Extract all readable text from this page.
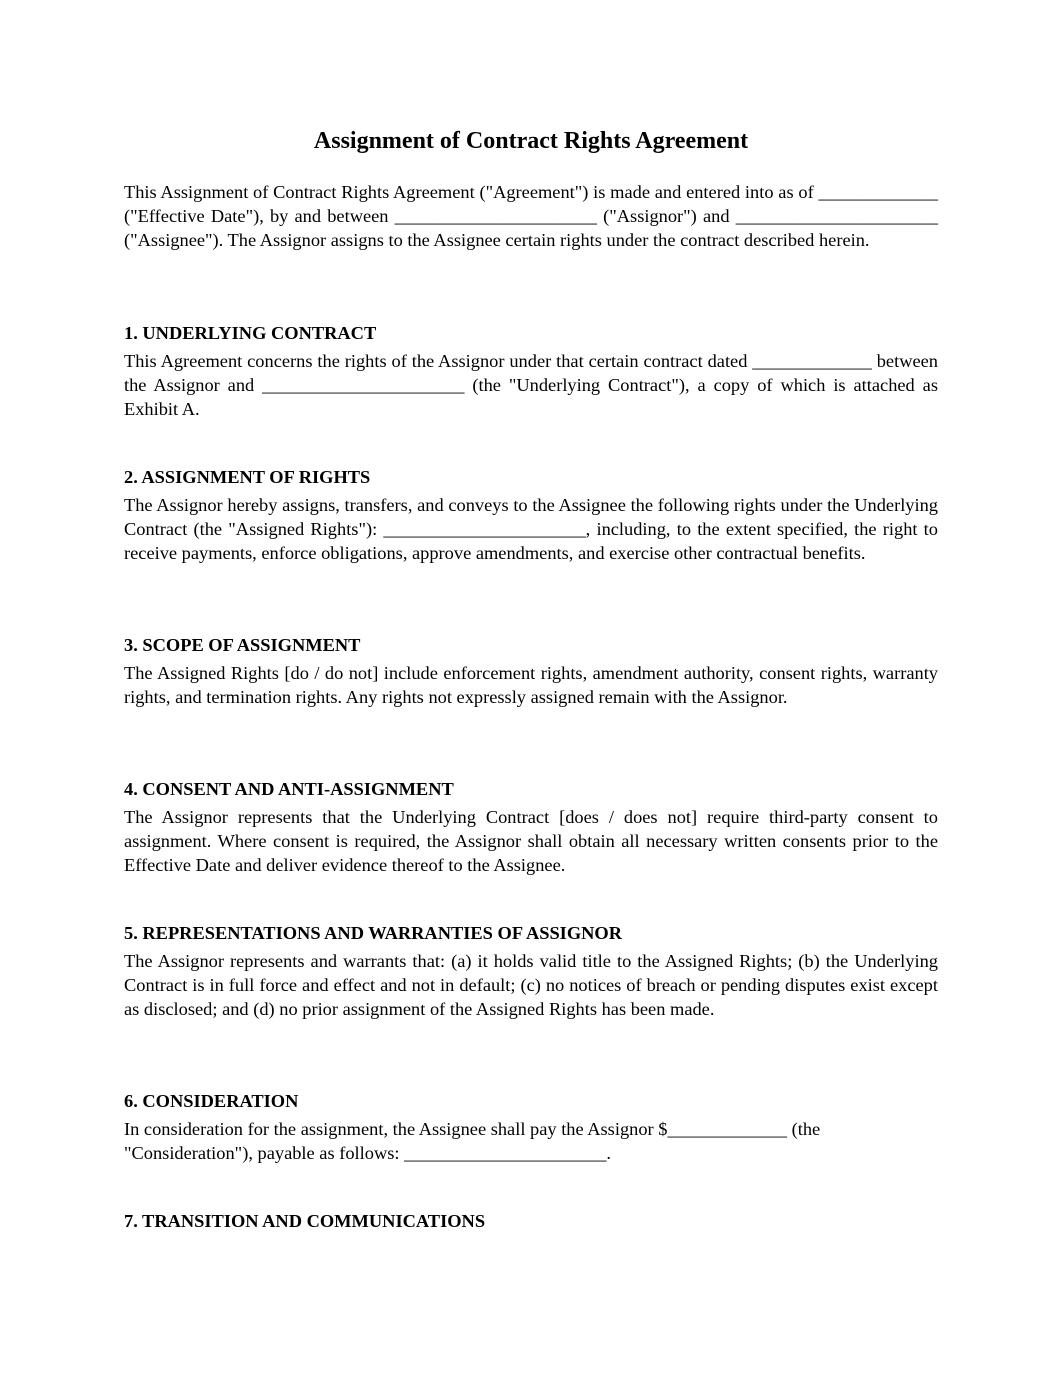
Assignment of Contract Rights Agreement

This Assignment of Contract Rights Agreement ("Agreement") is made and entered into as of _____________ ("Effective Date"), by and between ______________________ ("Assignor") and ______________________ ("Assignee"). The Assignor assigns to the Assignee certain rights under the contract described herein.

1. UNDERLYING CONTRACT

This Agreement concerns the rights of the Assignor under that certain contract dated _____________ between the Assignor and ______________________ (the "Underlying Contract"), a copy of which is attached as Exhibit A.

2. ASSIGNMENT OF RIGHTS

The Assignor hereby assigns, transfers, and conveys to the Assignee the following rights under the Underlying Contract (the "Assigned Rights"): ______________________, including, to the extent specified, the right to receive payments, enforce obligations, approve amendments, and exercise other contractual benefits.

3. SCOPE OF ASSIGNMENT

The Assigned Rights [do / do not] include enforcement rights, amendment authority, consent rights, warranty rights, and termination rights. Any rights not expressly assigned remain with the Assignor.

4. CONSENT AND ANTI-ASSIGNMENT

The Assignor represents that the Underlying Contract [does / does not] require third-party consent to assignment. Where consent is required, the Assignor shall obtain all necessary written consents prior to the Effective Date and deliver evidence thereof to the Assignee.

5. REPRESENTATIONS AND WARRANTIES OF ASSIGNOR

The Assignor represents and warrants that: (a) it holds valid title to the Assigned Rights; (b) the Underlying Contract is in full force and effect and not in default; (c) no notices of breach or pending disputes exist except as disclosed; and (d) no prior assignment of the Assigned Rights has been made.

6. CONSIDERATION

In consideration for the assignment, the Assignee shall pay the Assignor $_____________ (the "Consideration"), payable as follows: ______________________.

7. TRANSITION AND COMMUNICATIONS
